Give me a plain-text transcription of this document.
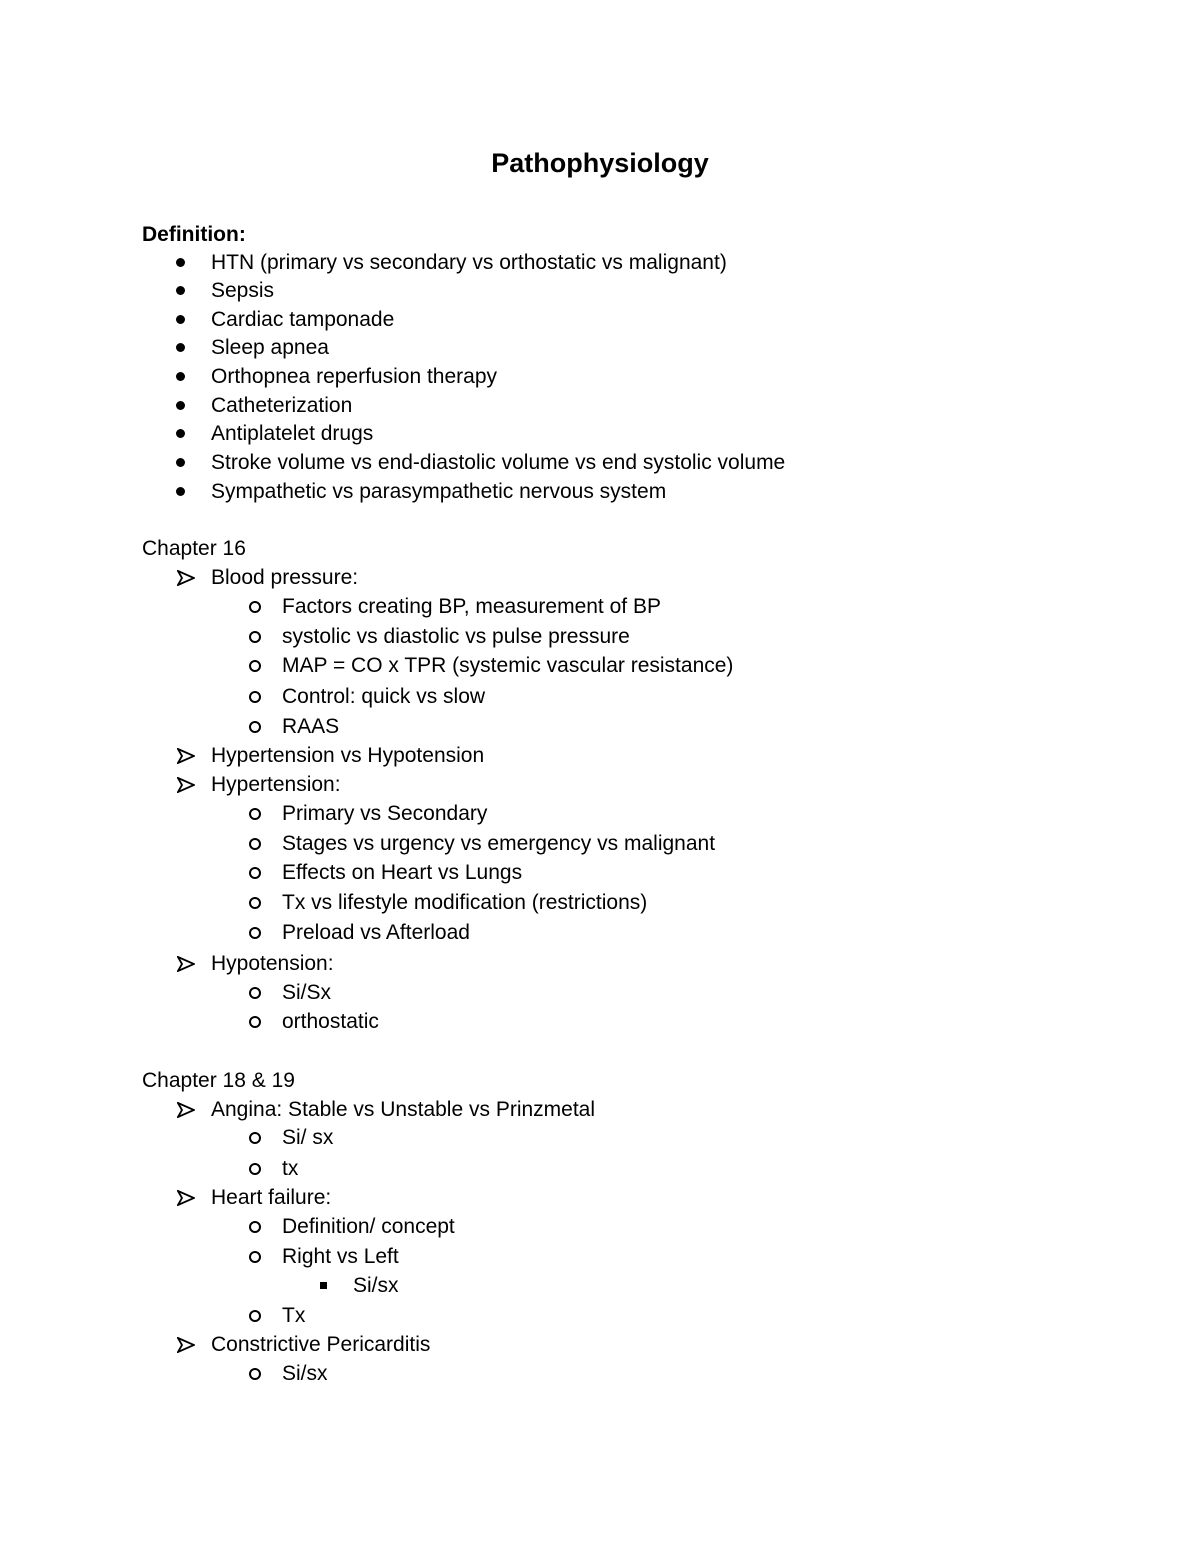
Pathophysiology
Definition:
HTN (primary vs secondary vs orthostatic vs malignant)
Sepsis
Cardiac tamponade
Sleep apnea
Orthopnea reperfusion therapy
Catheterization
Antiplatelet drugs
Stroke volume vs end-diastolic volume vs end systolic volume
Sympathetic vs parasympathetic nervous system
Chapter 16
Blood pressure:
Factors creating BP, measurement of BP
systolic vs diastolic vs pulse pressure
MAP = CO x TPR (systemic vascular resistance)
Control: quick vs slow
RAAS
Hypertension vs Hypotension
Hypertension:
Primary vs Secondary
Stages vs urgency vs emergency vs malignant
Effects on Heart vs Lungs
Tx vs lifestyle modification (restrictions)
Preload vs Afterload
Hypotension:
Si/Sx
orthostatic
Chapter 18 & 19
Angina: Stable vs Unstable vs Prinzmetal
Si/ sx
tx
Heart failure:
Definition/ concept
Right vs Left
Si/sx
Tx
Constrictive Pericarditis
Si/sx
